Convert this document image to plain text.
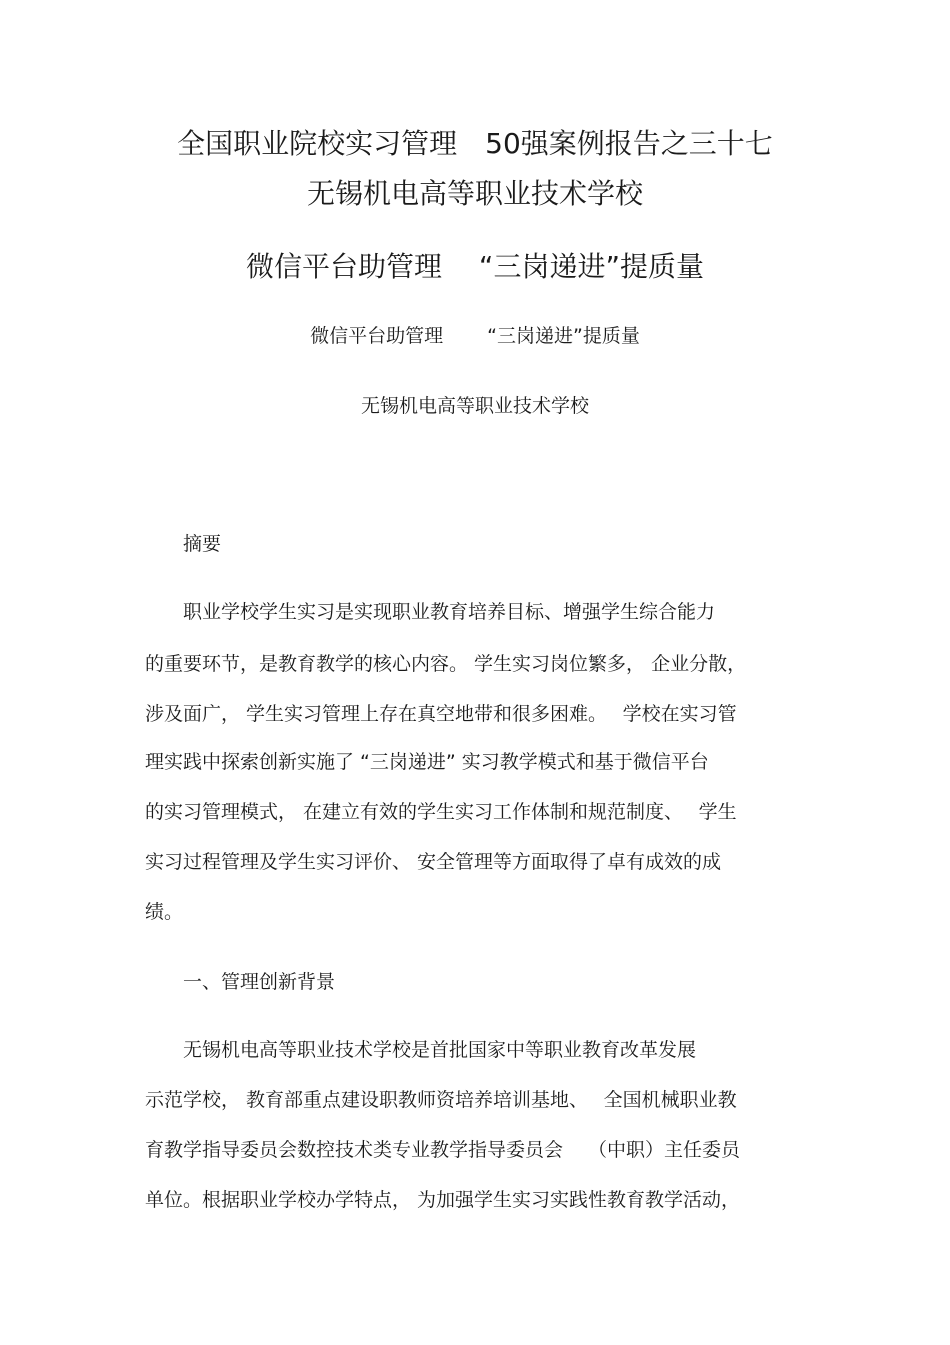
全国职业院校实习管理　50强案例报告之三十七
无锡机电高等职业技术学校
微信平台助管理　 “三岗递进”提质量
微信平台助管理　　 “三岗递进”提质量
无锡机电高等职业技术学校
摘要
职业学校学生实习是实现职业教育培养目标、增强学生综合能力
的重要环节，是教育教学的核心内容。 学生实习岗位繁多， 企业分散，
涉及面广， 学生实习管理上存在真空地带和很多困难。　 学校在实习管
理实践中探索创新实施了 “三岗递进” 实习教学模式和基于微信平台
的实习管理模式， 在建立有效的学生实习工作体制和规范制度、　 学生
实习过程管理及学生实习评价、 安全管理等方面取得了卓有成效的成
绩。
一、管理创新背景
无锡机电高等职业技术学校是首批国家中等职业教育改革发展
示范学校， 教育部重点建设职教师资培养培训基地、　 全国机械职业教
育教学指导委员会数控技术类专业教学指导委员会　 （中职）主任委员
单位。根据职业学校办学特点， 为加强学生实习实践性教育教学活动，
